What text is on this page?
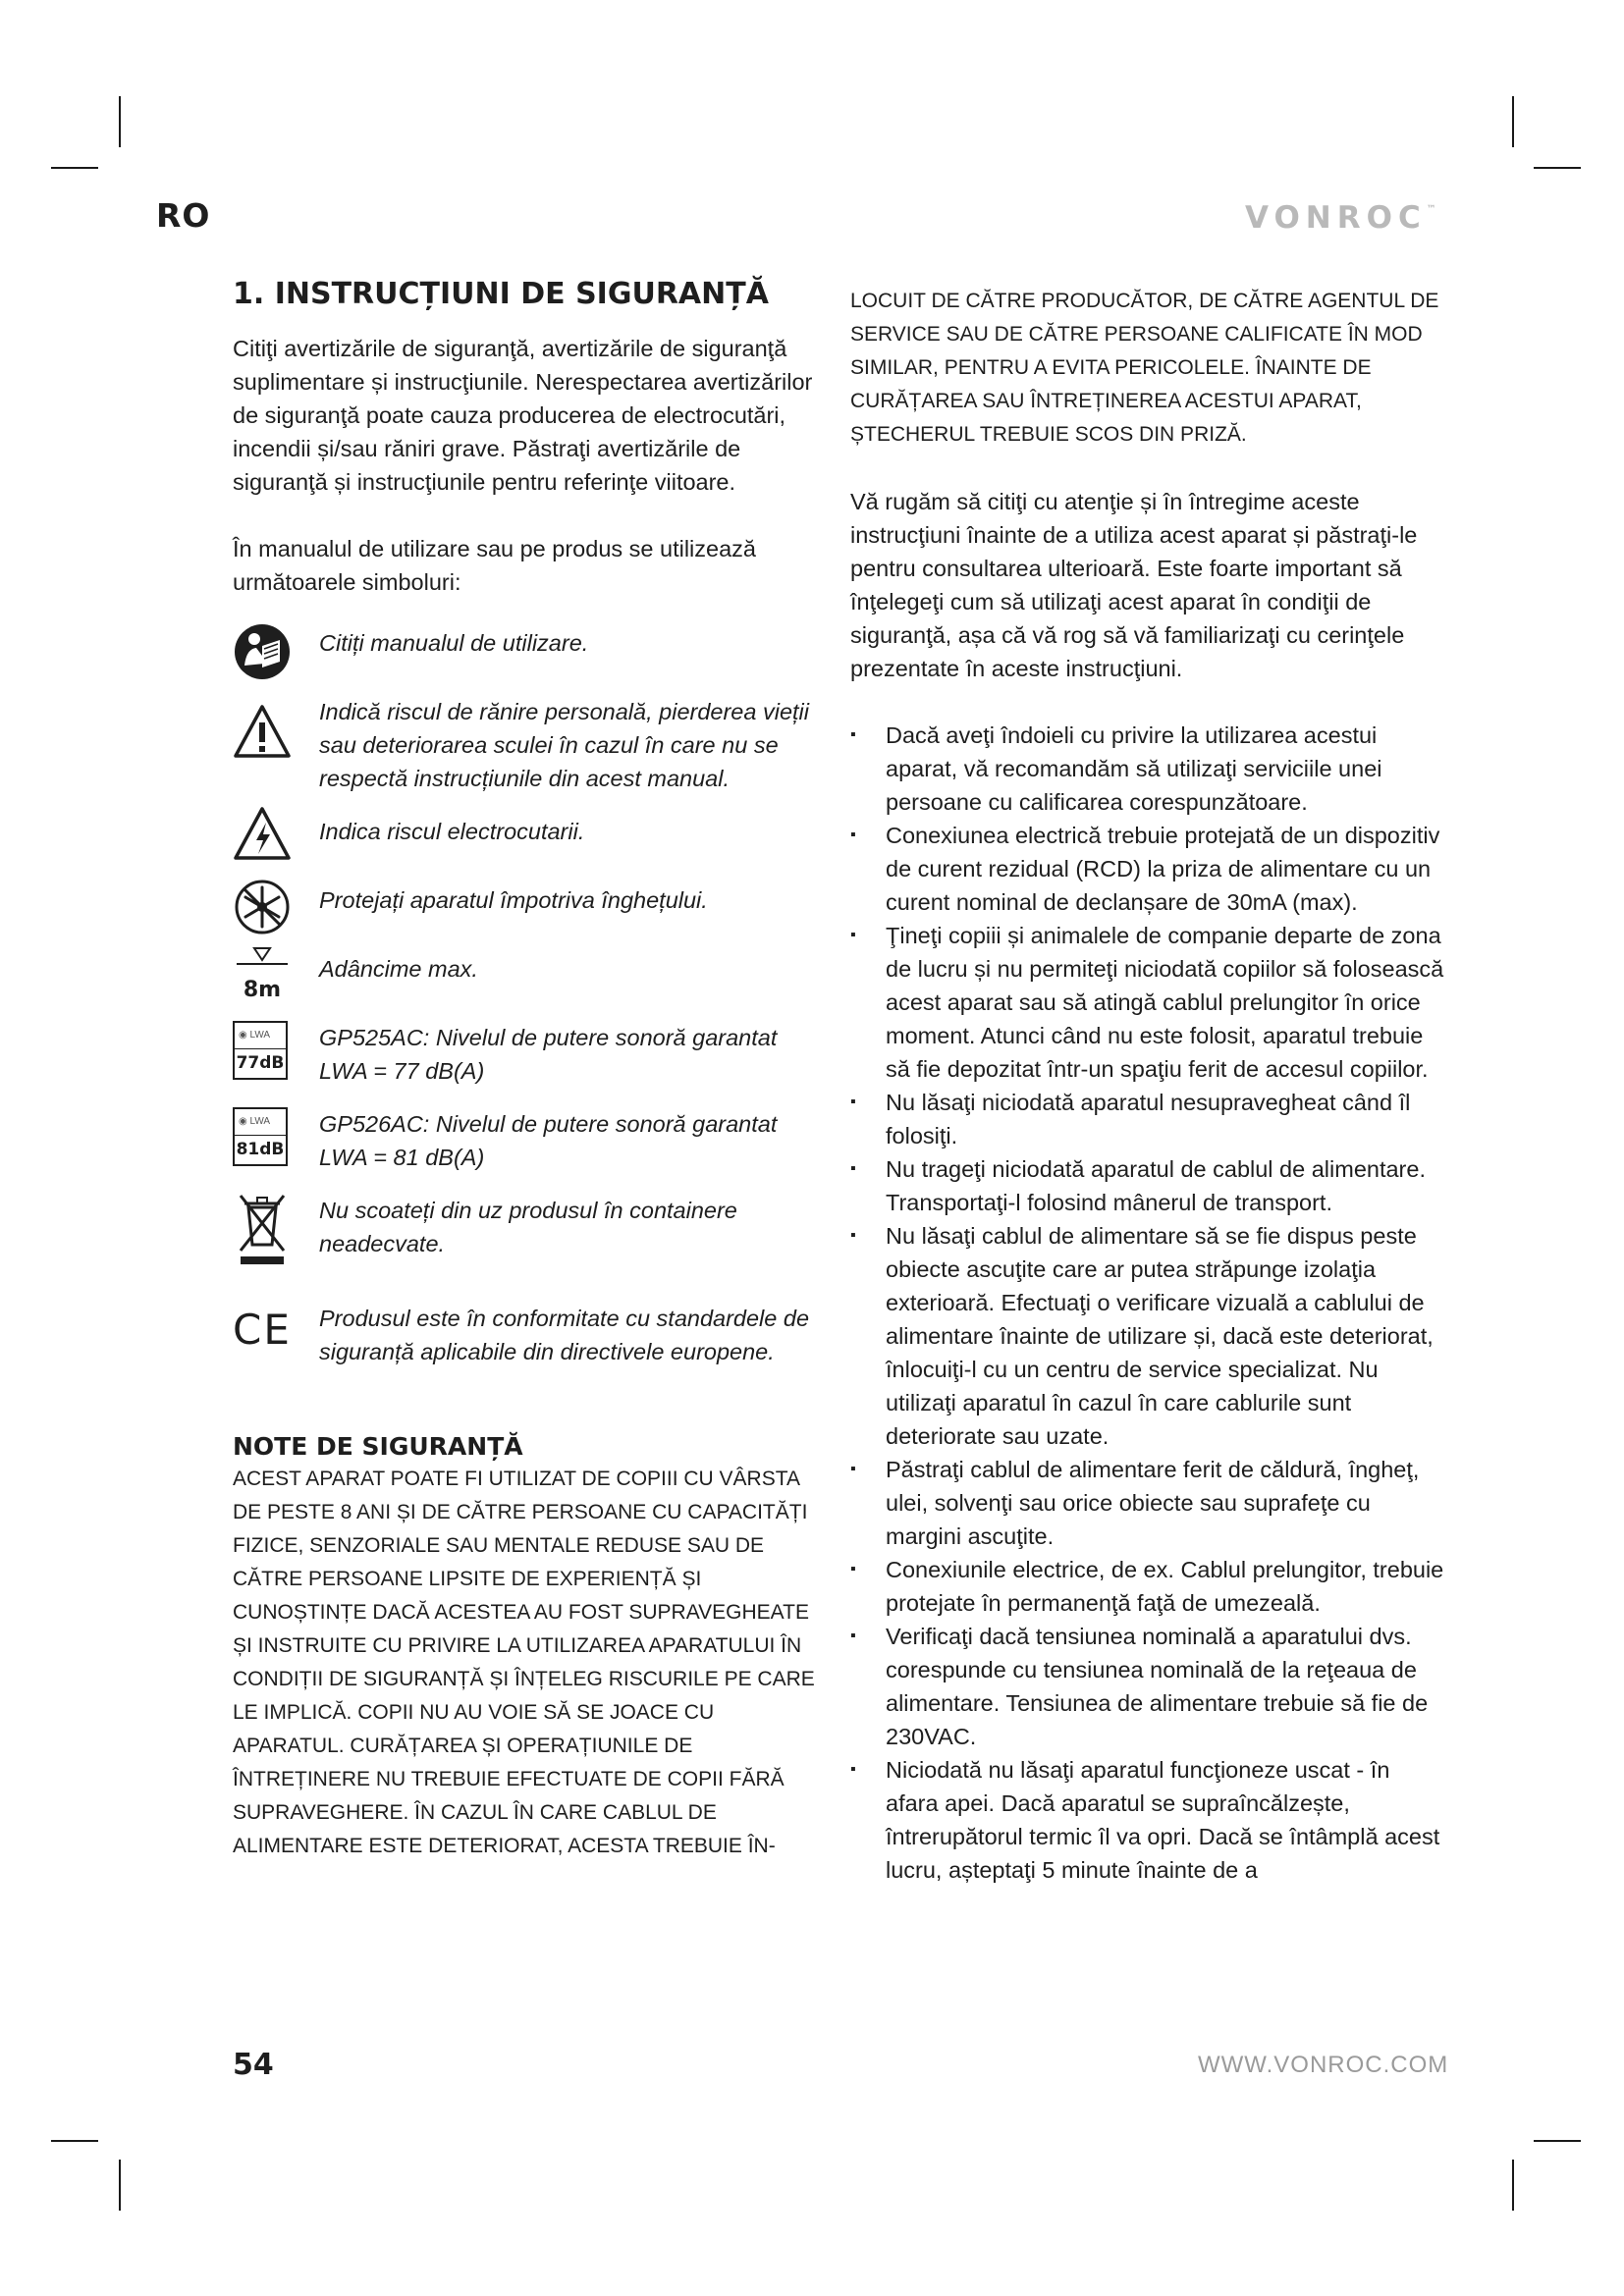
RO	VONROC™
1. INSTRUCȚIUNI DE SIGURANȚĂ
Citiţi avertizările de siguranţă, avertizările de siguranţă suplimentare și instrucţiunile. Nerespectarea avertizărilor de siguranţă poate cauza producerea de electrocutări, incendii și/sau răniri grave. Păstraţi avertizările de siguranţă și instrucţiunile pentru referinţe viitoare.
În manualul de utilizare sau pe produs se utilizează următoarele simboluri:
Citiți manualul de utilizare.
Indică riscul de rănire personală, pierderea vieții sau deteriorarea sculei în cazul în care nu se respectă instrucțiunile din acest manual.
Indica riscul electrocutarii.
Protejați aparatul împotriva înghețului.
8m
Adâncime max.
◉ LWA
77dB
GP525AC: Nivelul de putere sonoră garantat LWA = 77 dB(A)
◉ LWA
81dB
GP526AC: Nivelul de putere sonoră garantat LWA = 81 dB(A)
Nu scoateți din uz produsul în containere neadecvate.
CE Produsul este în conformitate cu standardele de siguranță aplicabile din directivele europene.
NOTE DE SIGURANȚĂ
ACEST APARAT POATE FI UTILIZAT DE COPIII CU VÂRSTA DE PESTE 8 ANI ȘI DE CĂTRE PERSOANE CU CAPACITĂȚI FIZICE, SENZORIALE SAU MENTALE REDUSE SAU DE CĂTRE PERSOANE LIPSITE DE EXPERIENȚĂ ȘI CUNOȘTINȚE DACĂ ACESTEA AU FOST SUPRAVEGHEATE ȘI INSTRUITE CU PRIVIRE LA UTILIZAREA APARATULUI ÎN CONDIȚII DE SIGURANȚĂ ȘI ÎNȚELEG RISCURILE PE CARE LE IMPLICĂ. COPII NU AU VOIE SĂ SE JOACE CU APARATUL. CURĂȚAREA ȘI OPERAȚIUNILE DE ÎNTREȚINERE NU TREBUIE EFECTUATE DE COPII FĂRĂ SUPRAVEGHERE. ÎN CAZUL ÎN CARE CABLUL DE ALIMENTARE ESTE DETERIORAT, ACESTA TREBUIE ÎN-
LOCUIT DE CĂTRE PRODUCĂTOR, DE CĂTRE AGENTUL DE SERVICE SAU DE CĂTRE PERSOANE CALIFICATE ÎN MOD SIMILAR, PENTRU A EVITA PERICOLELE. ÎNAINTE DE CURĂȚAREA SAU ÎNTREȚINEREA ACESTUI APARAT, ȘTECHERUL TREBUIE SCOS DIN PRIZĂ.
Vă rugăm să citiţi cu atenţie și în întregime aceste instrucţiuni înainte de a utiliza acest aparat și păstraţi-le pentru consultarea ulterioară. Este foarte important să înţelegeţi cum să utilizaţi acest aparat în condiţii de siguranţă, așa că vă rog să vă familiarizaţi cu cerinţele prezentate în aceste instrucţiuni.
▪ Dacă aveţi îndoieli cu privire la utilizarea acestui aparat, vă recomandăm să utilizaţi serviciile unei persoane cu calificarea corespunzătoare.
▪ Conexiunea electrică trebuie protejată de un dispozitiv de curent rezidual (RCD) la priza de alimentare cu un curent nominal de declanșare de 30mA (max).
▪ Ţineţi copiii și animalele de companie departe de zona de lucru și nu permiteţi niciodată copiilor să folosească acest aparat sau să atingă cablul prelungitor în orice moment. Atunci când nu este folosit, aparatul trebuie să fie depozitat într-un spaţiu ferit de accesul copiilor.
▪ Nu lăsaţi niciodată aparatul nesupravegheat când îl folosiţi.
▪ Nu trageţi niciodată aparatul de cablul de alimentare. Transportaţi-l folosind mânerul de transport.
▪ Nu lăsaţi cablul de alimentare să se fie dispus peste obiecte ascuţite care ar putea străpunge izolaţia exterioară. Efectuaţi o verificare vizuală a cablului de alimentare înainte de utilizare și, dacă este deteriorat, înlocuiţi-l cu un centru de service specializat. Nu utilizaţi aparatul în cazul în care cablurile sunt deteriorate sau uzate.
▪ Păstraţi cablul de alimentare ferit de căldură, îngheţ, ulei, solvenţi sau orice obiecte sau suprafeţe cu margini ascuţite.
▪ Conexiunile electrice, de ex. Cablul prelungitor, trebuie protejate în permanenţă faţă de umezeală.
▪ Verificaţi dacă tensiunea nominală a aparatului dvs. corespunde cu tensiunea nominală de la reţeaua de alimentare. Tensiunea de alimentare trebuie să fie de 230VAC.
▪ Niciodată nu lăsaţi aparatul funcţioneze uscat - în afara apei. Dacă aparatul se supraîncălzește, întrerupătorul termic îl va opri. Dacă se întâmplă acest lucru, așteptaţi 5 minute înainte de a
54	WWW.VONROC.COM
